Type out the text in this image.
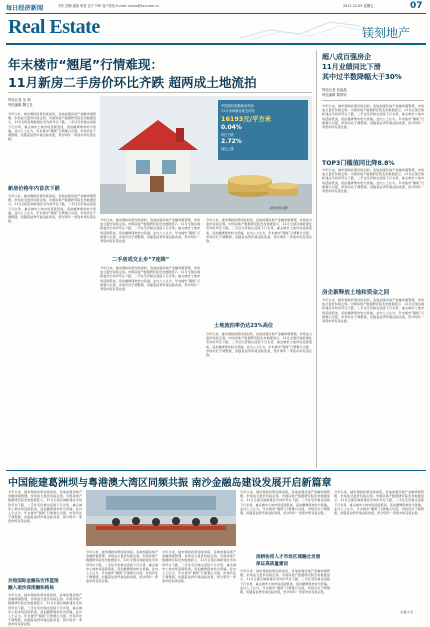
每日经济新闻	手机 图网 邮箱 明星 官方 TOP 客户热线 E-mail: xxxxx@xxx.com.cn	2021.12.03 星期五	07
Real Estate	镁刻地产
年末楼市“翘尾”行情难现：
11月新房二手房价环比齐跌 超两成土地流拍
每经记者 吴 利
每经编辑 魏文艺
今年以来，楼市调控政策持续加码，各地加强房地产金融审慎管理，市场成交量价持续走弱。中国房地产数据研究院发布数据显示，11月全国百城新建住宅均价环比下跌，二手住宅价格也延续下行态势，重点城市土地市场延续低迷，流拍撤牌现象较为普遍。业内人士认为，年末楼市“翘尾”行情难以出现，市场仍处于调整期，但随着信贷环境边际改善，预计明年一季度市场有望企稳。
中国房价指数新房均价
11月市场新房成交均价
16193元/平方米
0.04%
环比下跌
2.72%
同比上涨
视觉中国 制图
新房价格年内首次下跌
今年以来，楼市调控政策持续加码，各地加强房地产金融审慎管理，市场成交量价持续走弱。中国房地产数据研究院发布数据显示，11月全国百城新建住宅均价环比下跌，二手住宅价格也延续下行态势，重点城市土地市场延续低迷，流拍撤牌现象较为普遍。业内人士认为，年末楼市“翘尾”行情难以出现，市场仍处于调整期，但随着信贷环境边际改善，预计明年一季度市场有望企稳。	今年以来，楼市调控政策持续加码，各地加强房地产金融审慎管理，市场成交量价持续走弱。中国房地产数据研究院发布数据显示，11月全国百城新建住宅均价环比下跌，二手住宅价格也延续下行态势，重点城市土地市场延续低迷，流拍撤牌现象较为普遍。业内人士认为，年末楼市“翘尾”行情难以出现，市场仍处于调整期，但随着信贷环境边际改善，预计明年一季度市场有望企稳。
二手房成交止步“7连降”
今年以来，楼市调控政策持续加码，各地加强房地产金融审慎管理，市场成交量价持续走弱。中国房地产数据研究院发布数据显示，11月全国百城新建住宅均价环比下跌，二手住宅价格也延续下行态势，重点城市土地市场延续低迷，流拍撤牌现象较为普遍。业内人士认为，年末楼市“翘尾”行情难以出现，市场仍处于调整期，但随着信贷环境边际改善，预计明年一季度市场有望企稳。
今年以来，楼市调控政策持续加码，各地加强房地产金融审慎管理，市场成交量价持续走弱。中国房地产数据研究院发布数据显示，11月全国百城新建住宅均价环比下跌，二手住宅价格也延续下行态势，重点城市土地市场延续低迷，流拍撤牌现象较为普遍。业内人士认为，年末楼市“翘尾”行情难以出现，市场仍处于调整期，但随着信贷环境边际改善，预计明年一季度市场有望企稳。
土地流拍率仍达23%高位
今年以来，楼市调控政策持续加码，各地加强房地产金融审慎管理，市场成交量价持续走弱。中国房地产数据研究院发布数据显示，11月全国百城新建住宅均价环比下跌，二手住宅价格也延续下行态势，重点城市土地市场延续低迷，流拍撤牌现象较为普遍。业内人士认为，年末楼市“翘尾”行情难以出现，市场仍处于调整期，但随着信贷环境边际改善，预计明年一季度市场有望企稳。
超八成百强房企
11月业绩同比下滑
其中过半数降幅大于30%
每经记者 包晶晶
每经编辑 陈梦妤
今年以来，楼市调控政策持续加码，各地加强房地产金融审慎管理，市场成交量价持续走弱。中国房地产数据研究院发布数据显示，11月全国百城新建住宅均价环比下跌，二手住宅价格也延续下行态势，重点城市土地市场延续低迷，流拍撤牌现象较为普遍。业内人士认为，年末楼市“翘尾”行情难以出现，市场仍处于调整期，但随着信贷环境边际改善，预计明年一季度市场有望企稳。
TOP3门槛值同比降8.8%
今年以来，楼市调控政策持续加码，各地加强房地产金融审慎管理，市场成交量价持续走弱。中国房地产数据研究院发布数据显示，11月全国百城新建住宅均价环比下跌，二手住宅价格也延续下行态势，重点城市土地市场延续低迷，流拍撤牌现象较为普遍。业内人士认为，年末楼市“翘尾”行情难以出现，市场仍处于调整期，但随着信贷环境边际改善，预计明年一季度市场有望企稳。
房企新释放土地和资金之回
今年以来，楼市调控政策持续加码，各地加强房地产金融审慎管理，市场成交量价持续走弱。中国房地产数据研究院发布数据显示，11月全国百城新建住宅均价环比下跌，二手住宅价格也延续下行态势，重点城市土地市场延续低迷，流拍撤牌现象较为普遍。业内人士认为，年末楼市“翘尾”行情难以出现，市场仍处于调整期，但随着信贷环境边际改善，预计明年一季度市场有望企稳。
中国能建葛洲坝与粤港澳大湾区同频共振 南沙金融岛建设发展开启新篇章
今年以来，楼市调控政策持续加码，各地加强房地产金融审慎管理，市场成交量价持续走弱。中国房地产数据研究院发布数据显示，11月全国百城新建住宅均价环比下跌，二手住宅价格也延续下行态势，重点城市土地市场延续低迷，流拍撤牌现象较为普遍。业内人士认为，年末楼市“翘尾”行情难以出现，市场仍处于调整期，但随着信贷环境边际改善，预计明年一季度市场有望企稳。
共绘国际金融岛宏伟蓝图
融入南沙深度融和格局
今年以来，楼市调控政策持续加码，各地加强房地产金融审慎管理，市场成交量价持续走弱。中国房地产数据研究院发布数据显示，11月全国百城新建住宅均价环比下跌，二手住宅价格也延续下行态势，重点城市土地市场延续低迷，流拍撤牌现象较为普遍。业内人士认为，年末楼市“翘尾”行情难以出现，市场仍处于调整期，但随着信贷环境边际改善，预计明年一季度市场有望企稳。
今年以来，楼市调控政策持续加码，各地加强房地产金融审慎管理，市场成交量价持续走弱。中国房地产数据研究院发布数据显示，11月全国百城新建住宅均价环比下跌，二手住宅价格也延续下行态势，重点城市土地市场延续低迷，流拍撤牌现象较为普遍。业内人士认为，年末楼市“翘尾”行情难以出现，市场仍处于调整期，但随着信贷环境边际改善，预计明年一季度市场有望企稳。
今年以来，楼市调控政策持续加码，各地加强房地产金融审慎管理，市场成交量价持续走弱。中国房地产数据研究院发布数据显示，11月全国百城新建住宅均价环比下跌，二手住宅价格也延续下行态势，重点城市土地市场延续低迷，流拍撤牌现象较为普遍。业内人士认为，年末楼市“翘尾”行情难以出现，市场仍处于调整期，但随着信贷环境边际改善，预计明年一季度市场有望企稳。
今年以来，楼市调控政策持续加码，各地加强房地产金融审慎管理，市场成交量价持续走弱。中国房地产数据研究院发布数据显示，11月全国百城新建住宅均价环比下跌，二手住宅价格也延续下行态势，重点城市土地市场延续低迷，流拍撤牌现象较为普遍。业内人士认为，年末楼市“翘尾”行情难以出现，市场仍处于调整期，但随着信贷环境边际改善，预计明年一季度市场有望企稳。
深耕协同人才市场区域融合发展
保证高质量建设
今年以来，楼市调控政策持续加码，各地加强房地产金融审慎管理，市场成交量价持续走弱。中国房地产数据研究院发布数据显示，11月全国百城新建住宅均价环比下跌，二手住宅价格也延续下行态势，重点城市土地市场延续低迷，流拍撤牌现象较为普遍。业内人士认为，年末楼市“翘尾”行情难以出现，市场仍处于调整期，但随着信贷环境边际改善，预计明年一季度市场有望企稳。
今年以来，楼市调控政策持续加码，各地加强房地产金融审慎管理，市场成交量价持续走弱。中国房地产数据研究院发布数据显示，11月全国百城新建住宅均价环比下跌，二手住宅价格也延续下行态势，重点城市土地市场延续低迷，流拍撤牌现象较为普遍。业内人士认为，年末楼市“翘尾”行情难以出现，市场仍处于调整期，但随着信贷环境边际改善，预计明年一季度市场有望企稳。
文/梁 小龙
